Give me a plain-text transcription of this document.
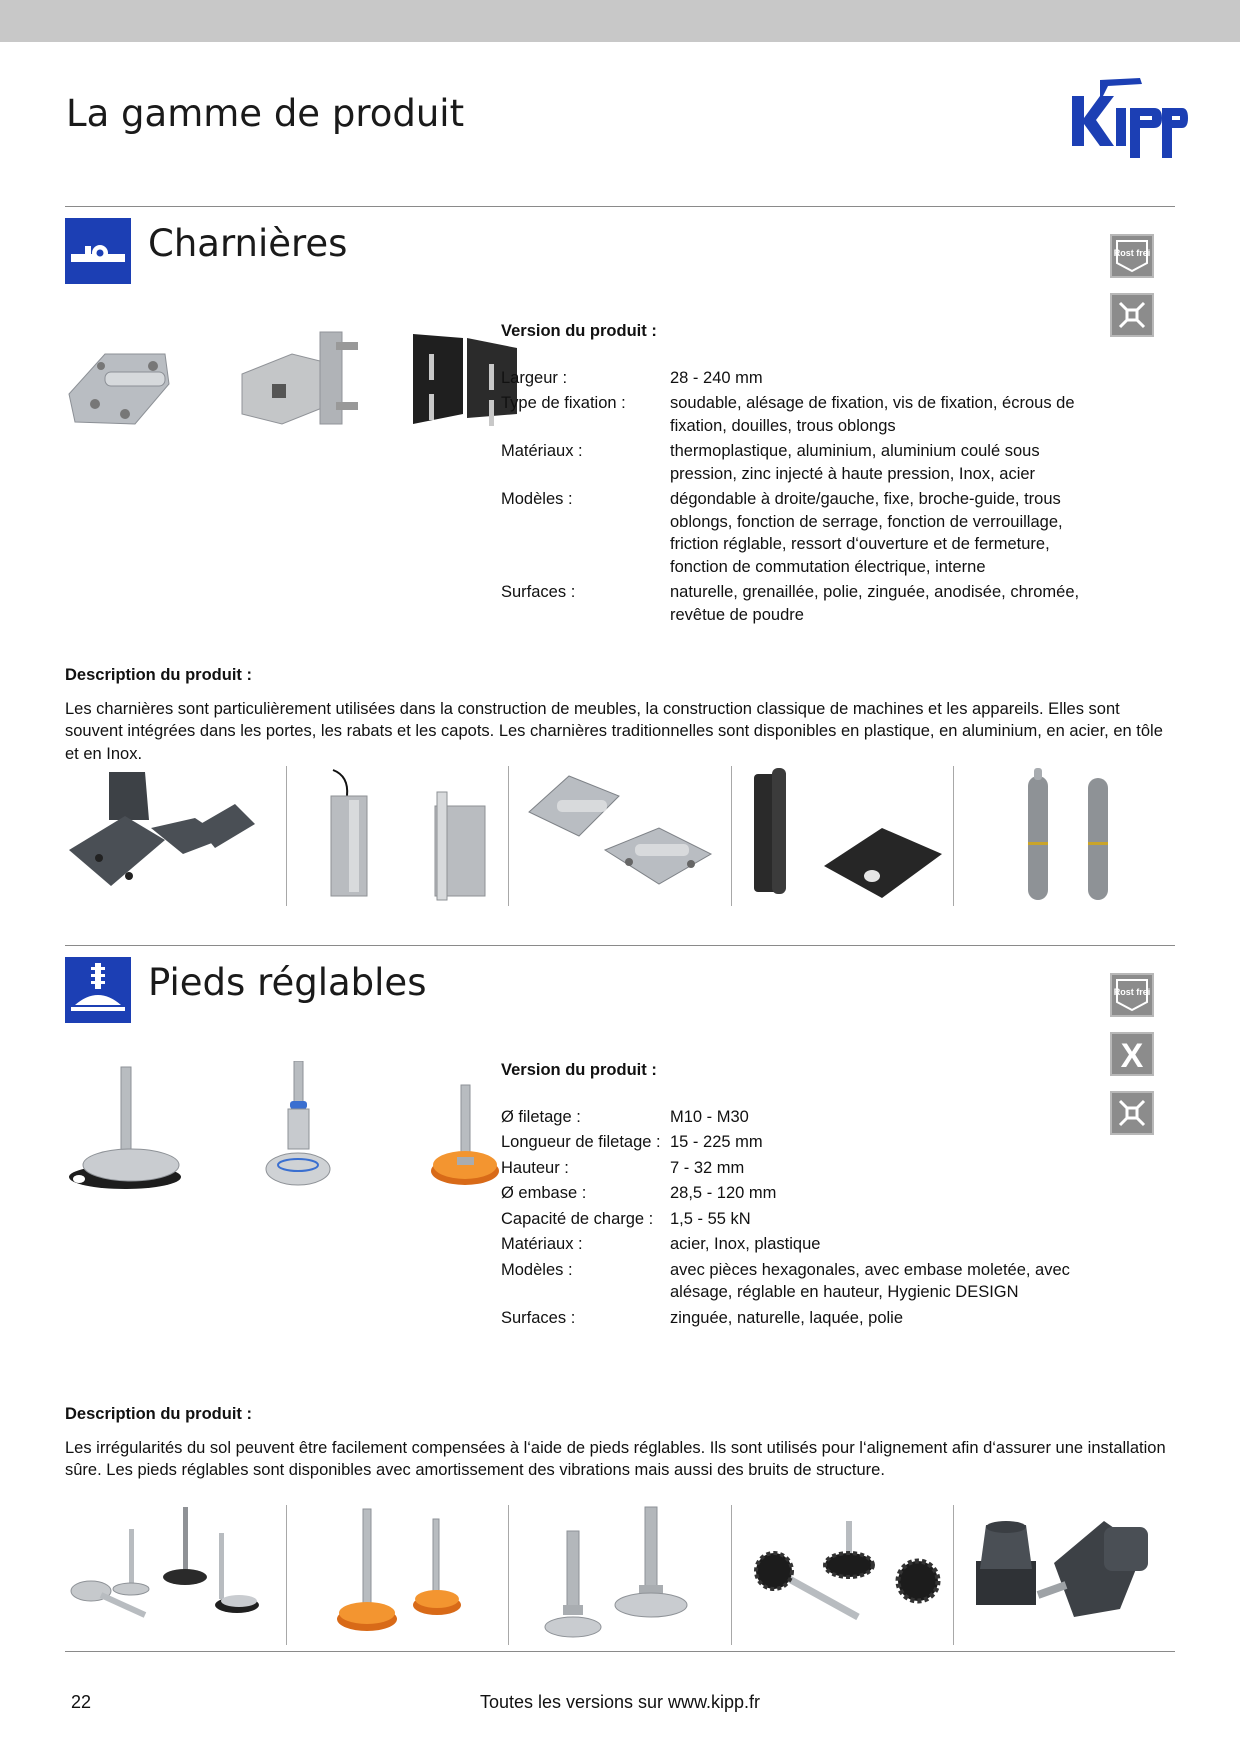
La gamme de produit
Charnières	Rost frei
Version du produit :
Largeur :	28 - 240 mm
Type de fixation :	soudable, alésage de fixation, vis de fixation, écrous de fixation, douilles, trous oblongs
Matériaux :	thermoplastique, aluminium, aluminium coulé sous pression, zinc injecté à haute pression, Inox, acier
Modèles :	dégondable à droite/gauche, fixe, broche-guide, trous oblongs, fonction de serrage, fonction de verrouillage, friction réglable, ressort d‘ouverture et de fermeture, fonction de commutation électrique, interne
Surfaces :	naturelle, grenaillée, polie, zinguée, anodisée, chromée, revêtue de poudre
Description du produit :
Les charnières sont particulièrement utilisées dans la construction de meubles, la construction classique de machines et les appareils. Elles sont souvent intégrées dans les portes, les rabats et les capots. Les charnières traditionnelles sont disponibles en plastique, en aluminium, en acier, en tôle et en Inox.
Pieds réglables	Rost frei
X
Version du produit :
Ø filetage :	M10 - M30
Longueur de filetage : 15 - 225 mm
Hauteur :	7 - 32 mm
Ø embase :	28,5 - 120 mm
Capacité de charge :	1,5 - 55 kN
Matériaux :	acier, Inox, plastique
Modèles :	avec pièces hexagonales, avec embase moletée, avec alésage, réglable en hauteur, Hygienic DESIGN
Surfaces :	zinguée, naturelle, laquée, polie
Description du produit :
Les irrégularités du sol peuvent être facilement compensées à l‘aide de pieds réglables. Ils sont utilisés pour l‘alignement afin d‘assurer une installation sûre. Les pieds réglables sont disponibles avec amortissement des vibrations mais aussi des bruits de structure.
22	Toutes les versions sur www.kipp.fr
